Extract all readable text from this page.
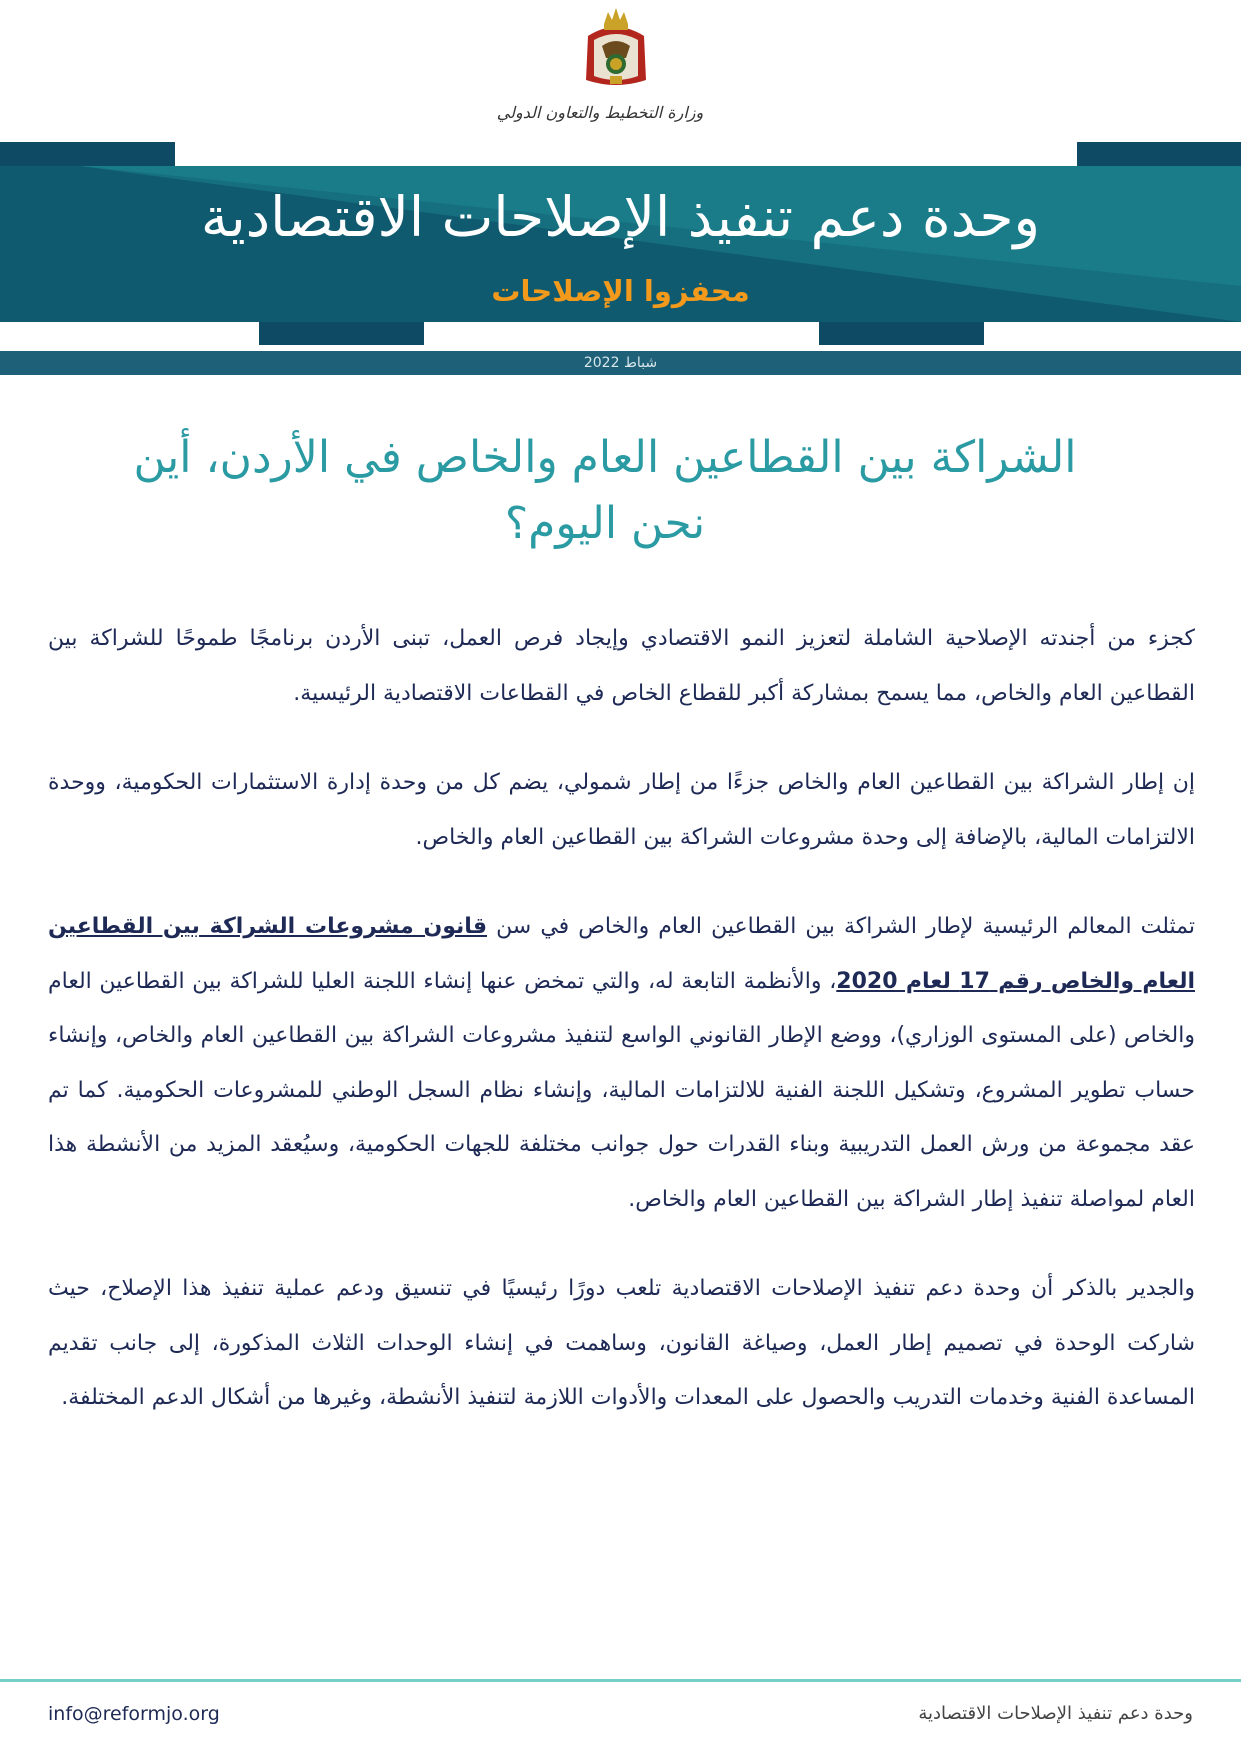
وزارة التخطيط والتعاون الدولي
وحدة دعم تنفيذ الإصلاحات الاقتصادية
محفزوا الإصلاحات
شباط 2022
الشراكة بين القطاعين العام والخاص في الأردن، أين
نحن اليوم؟

كجزء من أجندته الإصلاحية الشاملة لتعزيز النمو الاقتصادي وإيجاد فرص العمل، تبنى الأردن برنامجًا طموحًا للشراكة بين القطاعين العام والخاص، مما يسمح بمشاركة أكبر للقطاع الخاص في القطاعات الاقتصادية الرئيسية.

إن إطار الشراكة بين القطاعين العام والخاص جزءًا من إطار شمولي، يضم كل من وحدة إدارة الاستثمارات الحكومية، ووحدة الالتزامات المالية، بالإضافة إلى وحدة مشروعات الشراكة بين القطاعين العام والخاص.

تمثلت المعالم الرئيسية لإطار الشراكة بين القطاعين العام والخاص في سن قانون مشروعات الشراكة بين القطاعين العام والخاص رقم 17 لعام 2020، والأنظمة التابعة له، والتي تمخض عنها إنشاء اللجنة العليا للشراكة بين القطاعين العام والخاص (على المستوى الوزاري)، ووضع الإطار القانوني الواسع لتنفيذ مشروعات الشراكة بين القطاعين العام والخاص، وإنشاء حساب تطوير المشروع، وتشكيل اللجنة الفنية للالتزامات المالية، وإنشاء نظام السجل الوطني للمشروعات الحكومية. كما تم عقد مجموعة من ورش العمل التدريبية وبناء القدرات حول جوانب مختلفة للجهات الحكومية، وسيُعقد المزيد من الأنشطة هذا العام لمواصلة تنفيذ إطار الشراكة بين القطاعين العام والخاص.

والجدير بالذكر أن وحدة دعم تنفيذ الإصلاحات الاقتصادية تلعب دورًا رئيسيًا في تنسيق ودعم عملية تنفيذ هذا الإصلاح، حيث شاركت الوحدة في تصميم إطار العمل، وصياغة القانون، وساهمت في إنشاء الوحدات الثلاث المذكورة، إلى جانب تقديم المساعدة الفنية وخدمات التدريب والحصول على المعدات والأدوات اللازمة لتنفيذ الأنشطة، وغيرها من أشكال الدعم المختلفة.

info@reformjo.org	وحدة دعم تنفيذ الإصلاحات الاقتصادية
